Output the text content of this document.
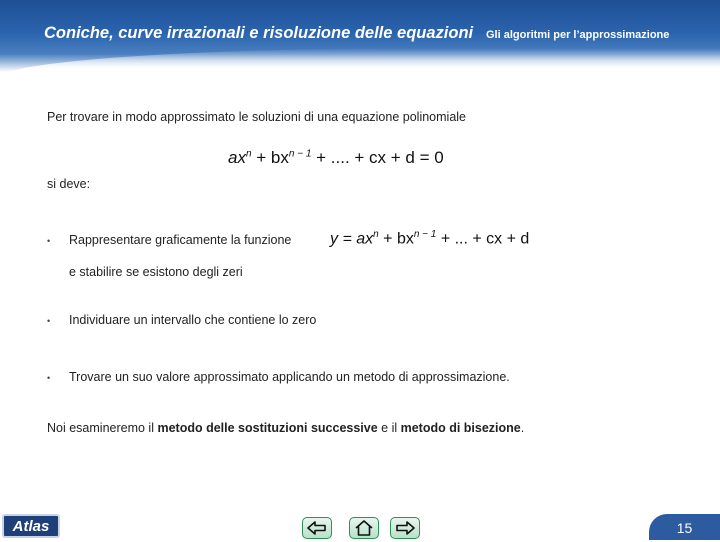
Coniche, curve irrazionali e risoluzione delle equazioni Gli algoritmi per l’approssimazione
Per trovare in modo approssimato le soluzioni di una equazione polinomiale
$ax^n + bx^{n - 1}$ + .... + cx + d = 0
si deve:
• Rappresentare graficamente la funzione $y = ax^n + bx^{n - 1}$ + ... + cx + d
e stabilire se esistono degli zeri
• Individuare un intervallo che contiene lo zero
• Trovare un suo valore approssimato applicando un metodo di approssimazione.
Noi esamineremo il metodo delle sostituzioni successive e il metodo di bisezione.
Atlas	15
